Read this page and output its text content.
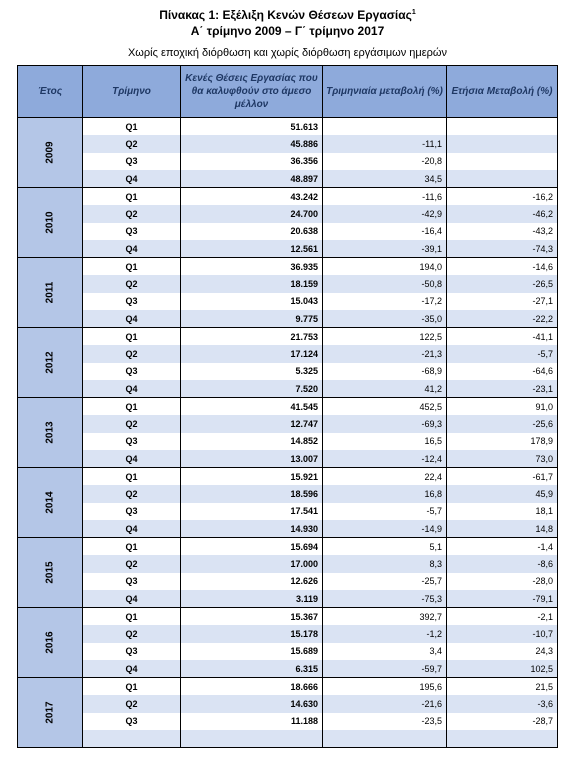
Πίνακας 1: Εξέλιξη Κενών Θέσεων Εργασίας$^1$
Α΄ τρίμηνο 2009 – Γ΄ τρίμηνο 2017
Χωρίς εποχική διόρθωση και χωρίς διόρθωση εργάσιμων ημερών
Έτος	Τρίμηνο	Κενές Θέσεις Εργασίας που θα καλυφθούν στο άμεσο μέλλον	Τριμηνιαία μεταβολή (%)	Ετήσια Μεταβολή (%)
2009	Q1	51.613		
	Q2	45.886	-11,1	
	Q3	36.356	-20,8	
	Q4	48.897	34,5	
2010	Q1	43.242	-11,6	-16,2
	Q2	24.700	-42,9	-46,2
	Q3	20.638	-16,4	-43,2
	Q4	12.561	-39,1	-74,3
2011	Q1	36.935	194,0	-14,6
	Q2	18.159	-50,8	-26,5
	Q3	15.043	-17,2	-27,1
	Q4	9.775	-35,0	-22,2
2012	Q1	21.753	122,5	-41,1
	Q2	17.124	-21,3	-5,7
	Q3	5.325	-68,9	-64,6
	Q4	7.520	41,2	-23,1
2013	Q1	41.545	452,5	91,0
	Q2	12.747	-69,3	-25,6
	Q3	14.852	16,5	178,9
	Q4	13.007	-12,4	73,0
2014	Q1	15.921	22,4	-61,7
	Q2	18.596	16,8	45,9
	Q3	17.541	-5,7	18,1
	Q4	14.930	-14,9	14,8
2015	Q1	15.694	5,1	-1,4
	Q2	17.000	8,3	-8,6
	Q3	12.626	-25,7	-28,0
	Q4	3.119	-75,3	-79,1
2016	Q1	15.367	392,7	-2,1
	Q2	15.178	-1,2	-10,7
	Q3	15.689	3,4	24,3
	Q4	6.315	-59,7	102,5
2017	Q1	18.666	195,6	21,5
	Q2	14.630	-21,6	-3,6
	Q3	11.188	-23,5	-28,7
